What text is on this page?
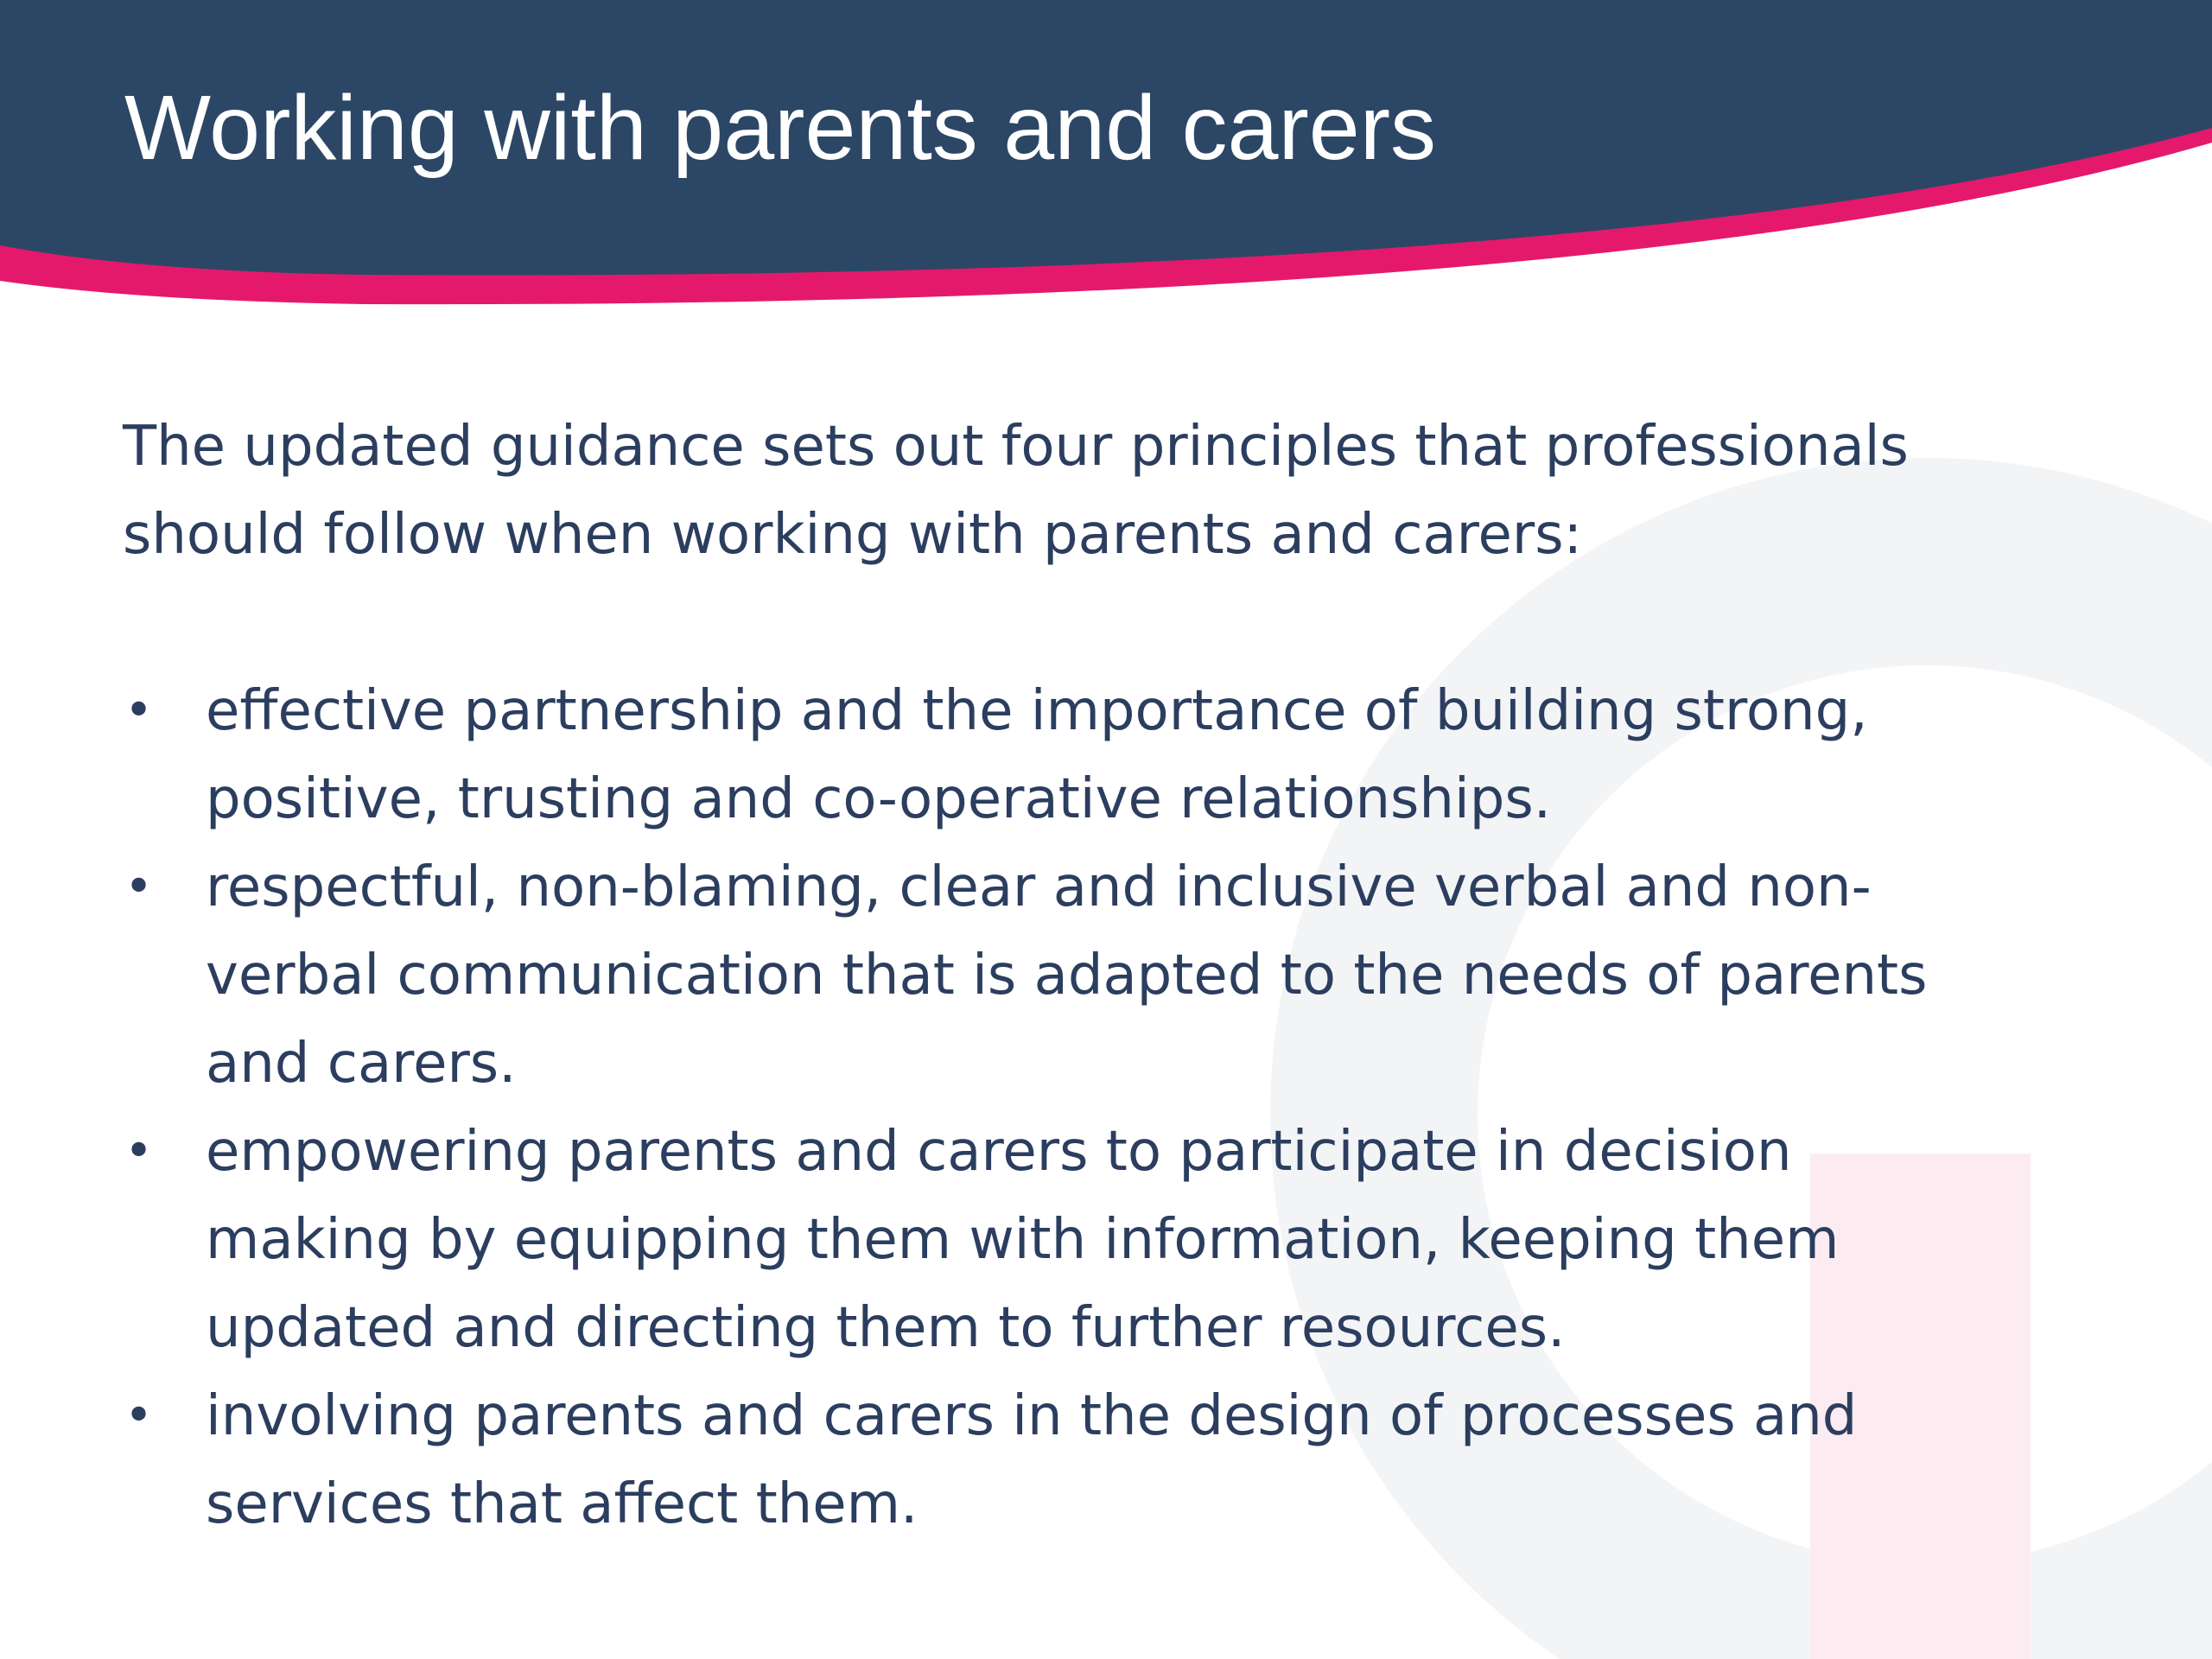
Working with parents and carers

The updated guidance sets out four principles that professionals
should follow when working with parents and carers:

• effective partnership and the importance of building strong,
positive, trusting and co-operative relationships.
• respectful, non-blaming, clear and inclusive verbal and non-
verbal communication that is adapted to the needs of parents
and carers.
• empowering parents and carers to participate in decision
making by equipping them with information, keeping them
updated and directing them to further resources.
• involving parents and carers in the design of processes and
services that affect them.
